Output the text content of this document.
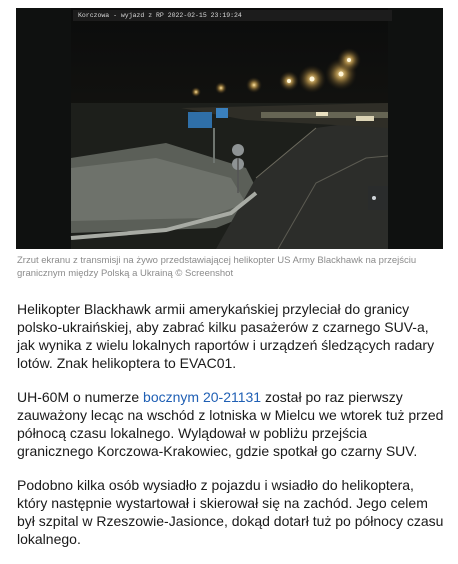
Korczowa - wyjazd z RP 2022-02-15 23:19:24
Zrzut ekranu z transmisji na żywo przedstawiającej helikopter US Army Blackhawk na przejściu granicznym między Polską a Ukrainą © Screenshot

Helikopter Blackhawk armii amerykańskiej przyleciał do granicy polsko-ukraińskiej, aby zabrać kilku pasażerów z czarnego SUV-a, jak wynika z wielu lokalnych raportów i urządzeń śledzących radary lotów. Znak helikoptera to EVAC01.

UH-60M o numerze bocznym 20-21131 został po raz pierwszy zauważony lecąc na wschód z lotniska w Mielcu we wtorek tuż przed północą czasu lokalnego. Wylądował w pobliżu przejścia granicznego Korczowa-Krakowiec, gdzie spotkał go czarny SUV.

Podobno kilka osób wysiadło z pojazdu i wsiadło do helikoptera, który następnie wystartował i skierował się na zachód. Jego celem był szpital w Rzeszowie-Jasionce, dokąd dotarł tuż po północy czasu lokalnego.
